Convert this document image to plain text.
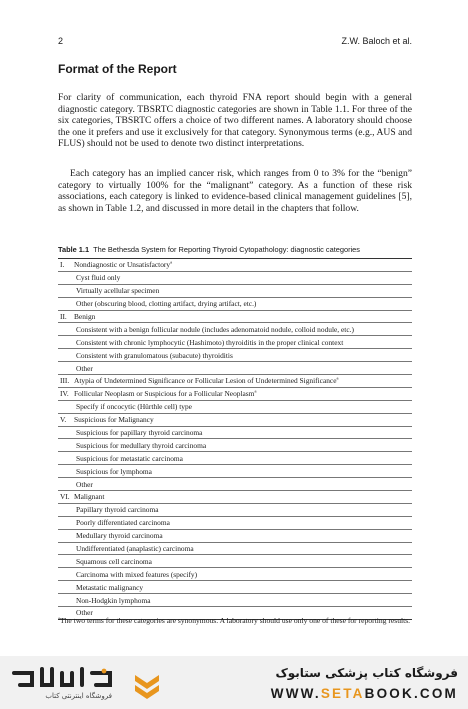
2	Z.W. Baloch et al.
Format of the Report

For clarity of communication, each thyroid FNA report should begin with a general diagnostic category. TBSRTC diagnostic categories are shown in Table 1.1. For three of the six categories, TBSRTC offers a choice of two different names. A laboratory should choose the one it prefers and use it exclusively for that category. Synonymous terms (e.g., AUS and FLUS) should not be used to denote two distinct interpretations.

Each category has an implied cancer risk, which ranges from 0 to 3% for the “benign” category to virtually 100% for the “malignant” category. As a function of these risk associations, each category is linked to evidence-based clinical management guidelines [5], as shown in Table 1.2, and discussed in more detail in the chapters that follow.

Table 1.1 The Bethesda System for Reporting Thyroid Cytopathology: diagnostic categories
I.	Nondiagnostic or Unsatisfactory$^a$
Cyst fluid only	
Virtually acellular specimen	
Other (obscuring blood, clotting artifact, drying artifact, etc.)	
II.	Benign
Consistent with a benign follicular nodule (includes adenomatoid nodule, colloid nodule, etc.)	
Consistent with chronic lymphocytic (Hashimoto) thyroiditis in the proper clinical context	
Consistent with granulomatous (subacute) thyroiditis	
Other	
III.	Atypia of Undetermined Significance or Follicular Lesion of Undetermined Significance$^a$
IV.	Follicular Neoplasm or Suspicious for a Follicular Neoplasm$^a$
Specify if oncocytic (Hürthle cell) type	
V.	Suspicious for Malignancy
Suspicious for papillary thyroid carcinoma	
Suspicious for medullary thyroid carcinoma	
Suspicious for metastatic carcinoma	
Suspicious for lymphoma	
Other	
VI.	Malignant
Papillary thyroid carcinoma	
Poorly differentiated carcinoma	
Medullary thyroid carcinoma	
Undifferentiated (anaplastic) carcinoma	
Squamous cell carcinoma	
Carcinoma with mixed features (specify)	
Metastatic malignancy	
Non-Hodgkin lymphoma	
Other	
$^a$The two terms for these categories are synonymous. A laboratory should use only one of these for reporting results.
فروشگاه اینترنتی کتاب
فروشگاه کتاب پزشکی ستابوک
WWW.SETABOOK.COM
